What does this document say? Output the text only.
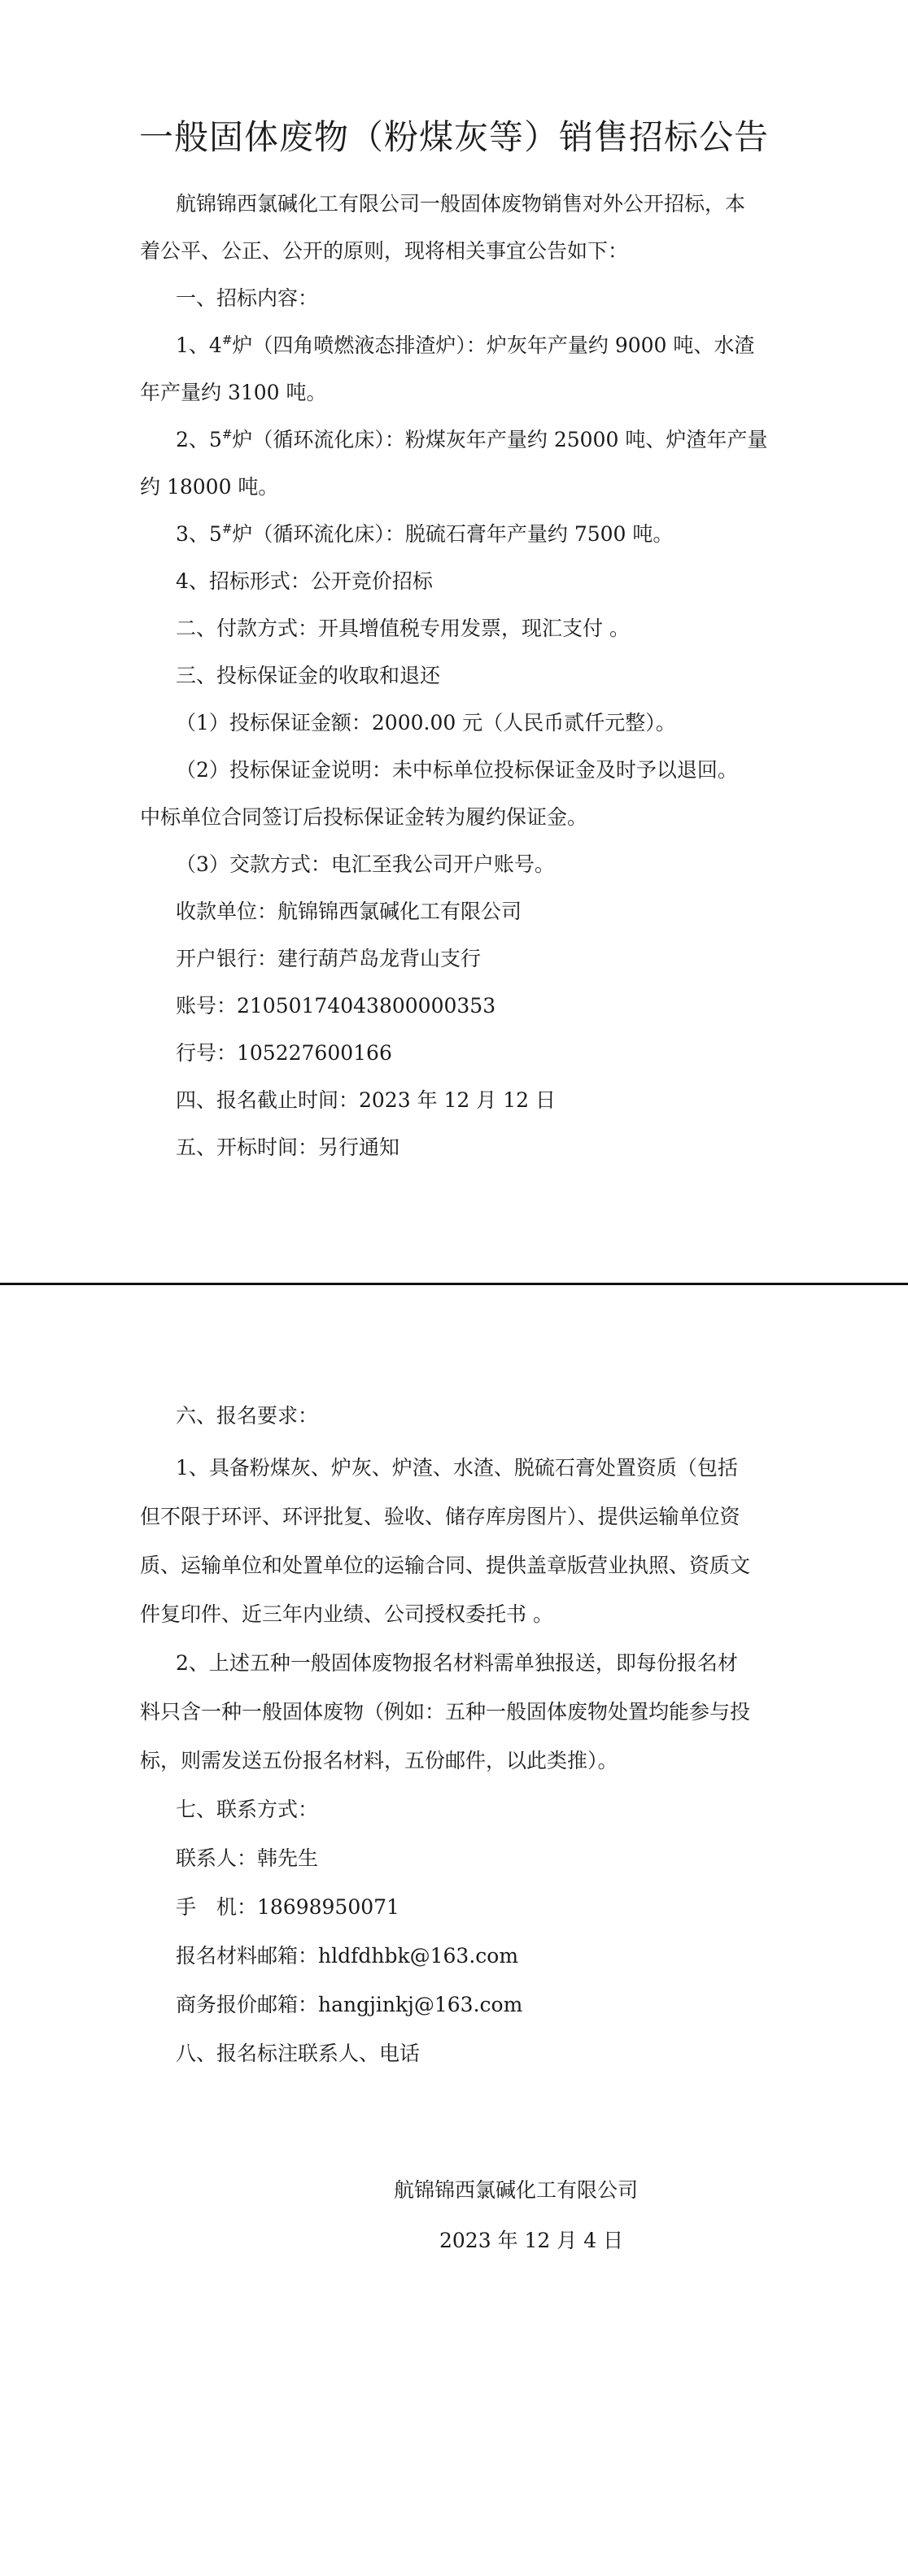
一般固体废物（粉煤灰等）销售招标公告
航锦锦西氯碱化工有限公司一般固体废物销售对外公开招标，本
着公平、公正、公开的原则，现将相关事宜公告如下：
一、招标内容：
1、4#炉（四角喷燃液态排渣炉）：炉灰年产量约 9000 吨、水渣
年产量约 3100 吨。
2、5#炉（循环流化床）：粉煤灰年产量约 25000 吨、炉渣年产量
约 18000 吨。
3、5#炉（循环流化床）：脱硫石膏年产量约 7500 吨。
4、招标形式：公开竞价招标
二、付款方式：开具增值税专用发票，现汇支付 。
三、投标保证金的收取和退还
（1）投标保证金额：2000.00 元（人民币贰仟元整）。
（2）投标保证金说明：未中标单位投标保证金及时予以退回。
中标单位合同签订后投标保证金转为履约保证金。
（3）交款方式：电汇至我公司开户账号。
收款单位：航锦锦西氯碱化工有限公司
开户银行：建行葫芦岛龙背山支行
账号：21050174043800000353
行号：105227600166
四、报名截止时间：2023 年 12 月 12 日
五、开标时间：另行通知
六、报名要求：
1、具备粉煤灰、炉灰、炉渣、水渣、脱硫石膏处置资质（包括
但不限于环评、环评批复、验收、储存库房图片）、提供运输单位资
质、运输单位和处置单位的运输合同、提供盖章版营业执照、资质文
件复印件、近三年内业绩、公司授权委托书 。
2、上述五种一般固体废物报名材料需单独报送，即每份报名材
料只含一种一般固体废物（例如：五种一般固体废物处置均能参与投
标，则需发送五份报名材料，五份邮件，以此类推）。
七、联系方式：
联系人：韩先生
手　机：18698950071
报名材料邮箱：hldfdhbk@163.com
商务报价邮箱：hangjinkj@163.com
八、报名标注联系人、电话
航锦锦西氯碱化工有限公司
2023 年 12 月 4 日
